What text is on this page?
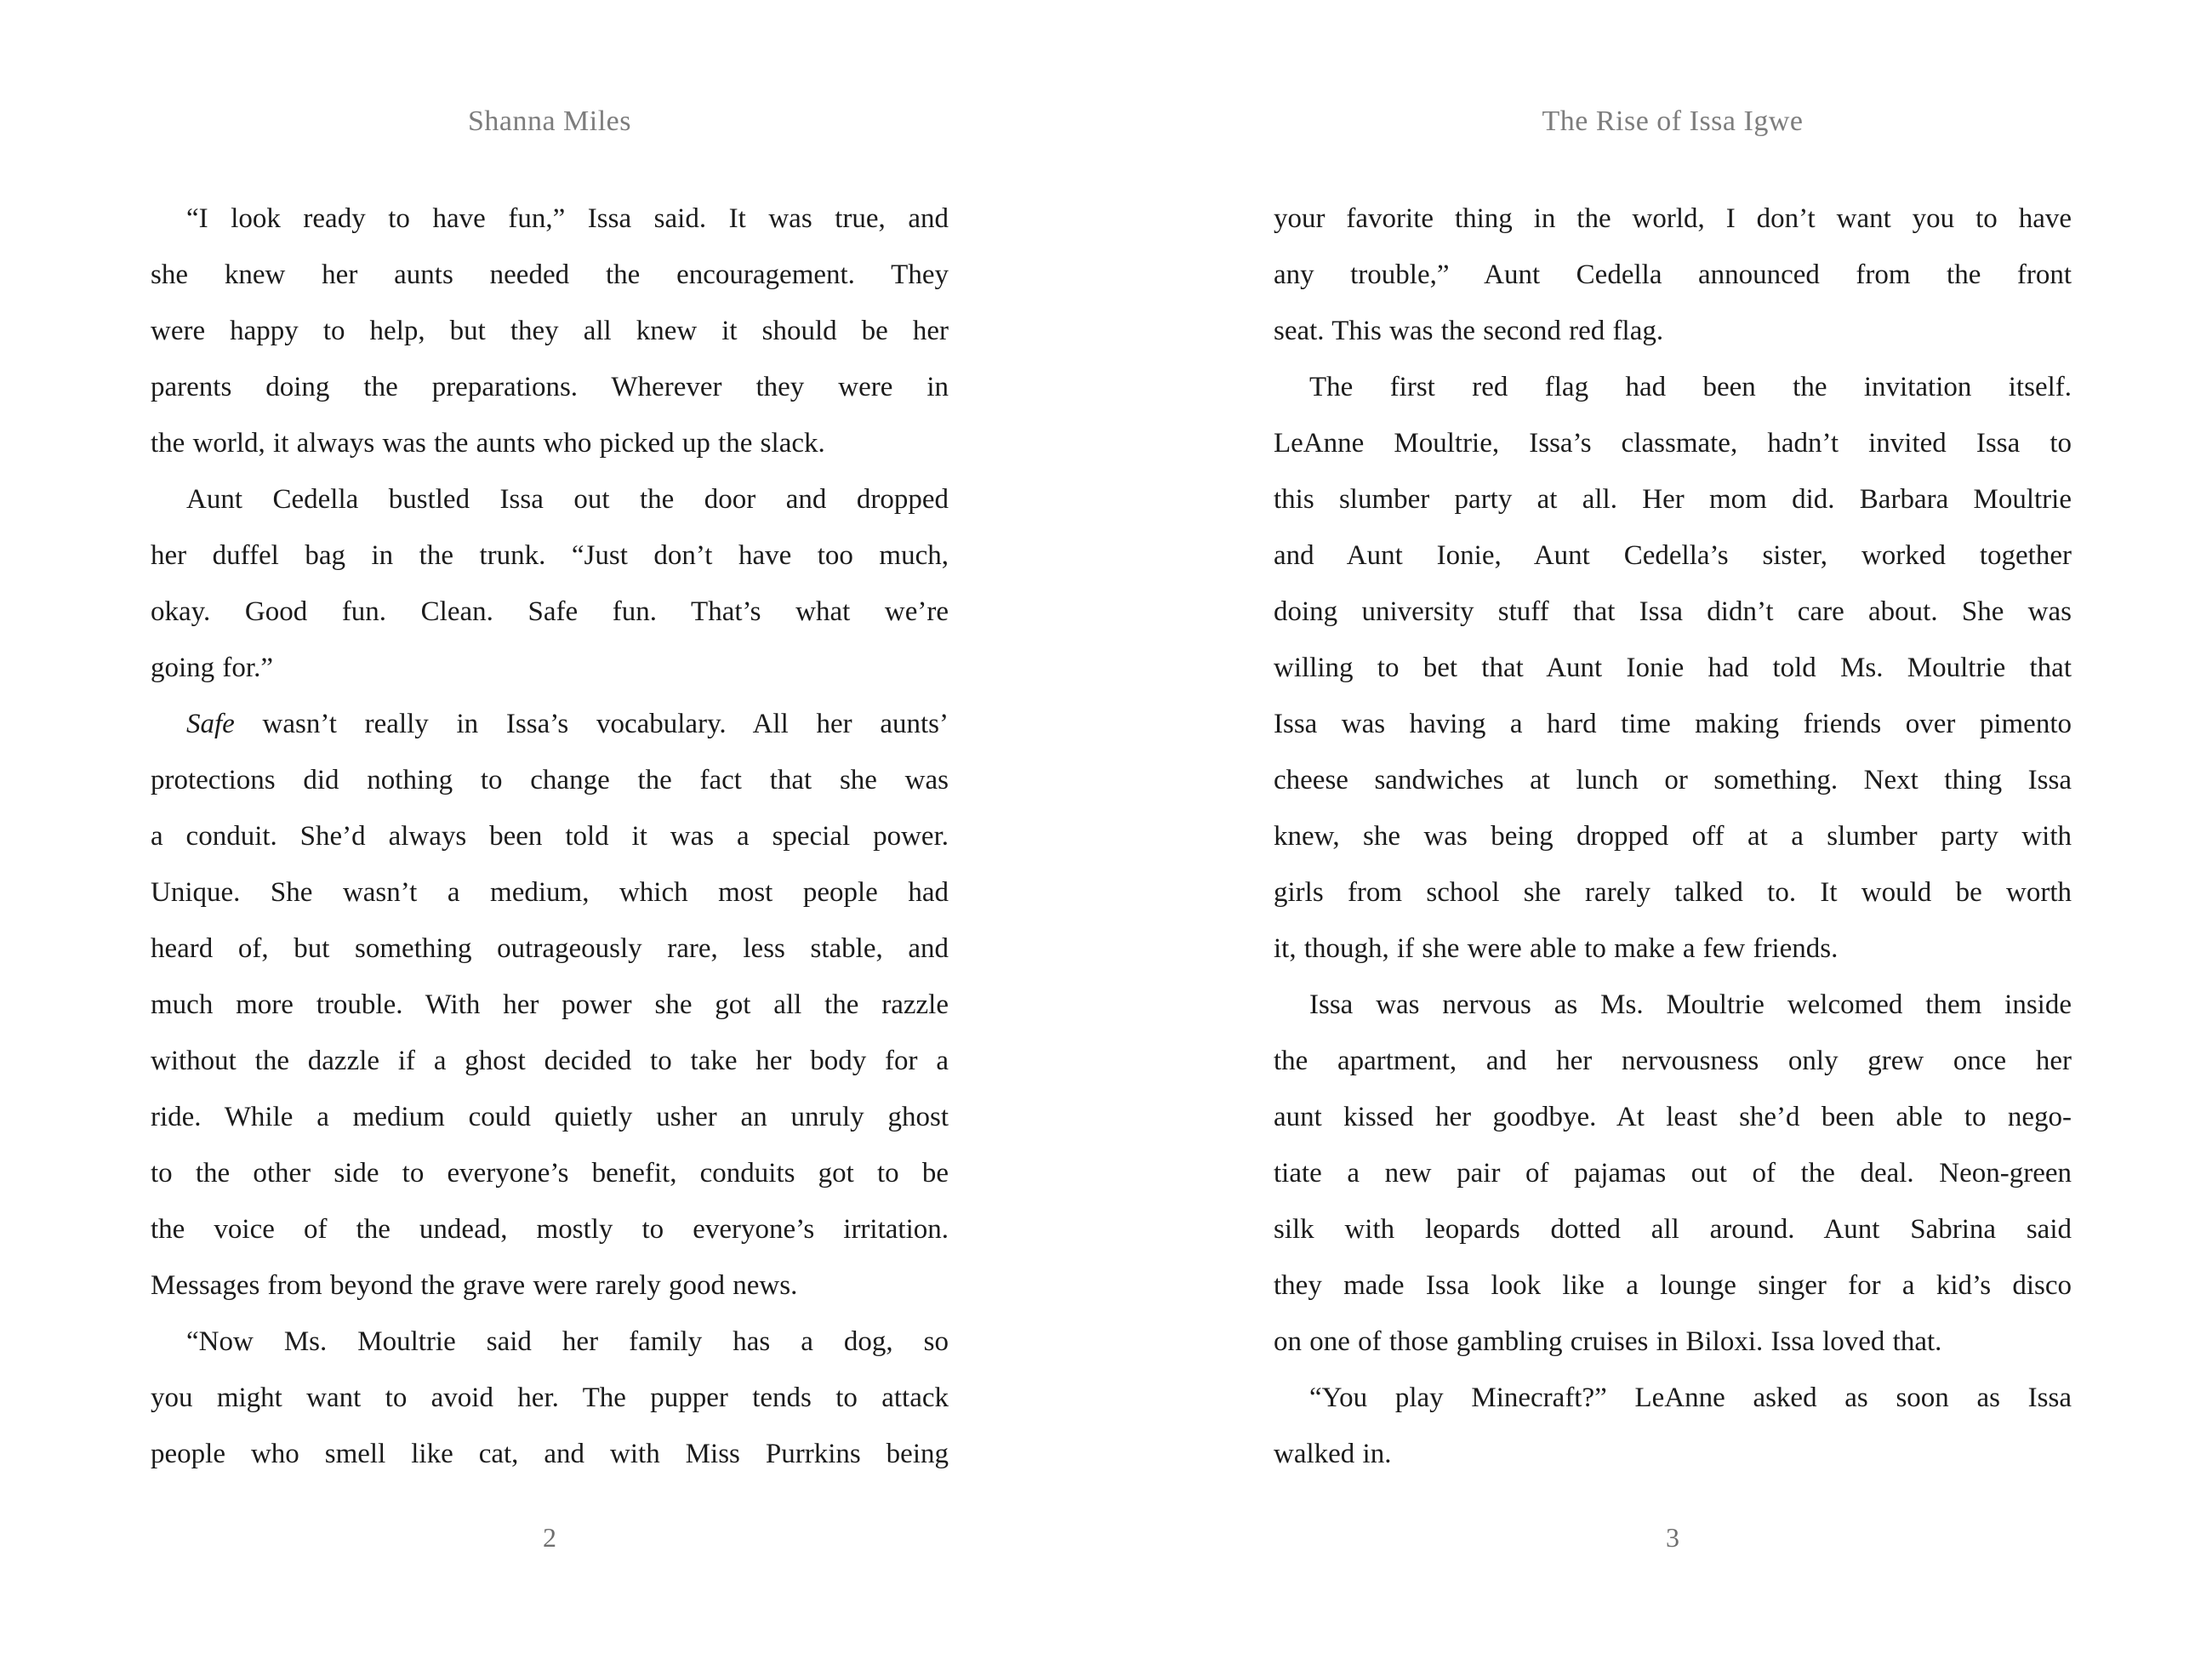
Shanna Miles
“I look ready to have fun,” Issa said. It was true, and
she knew her aunts needed the encouragement. They
were happy to help, but they all knew it should be her
parents doing the preparations. Wherever they were in
the world, it always was the aunts who picked up the slack.
Aunt Cedella bustled Issa out the door and dropped
her duffel bag in the trunk. “Just don’t have too much,
okay. Good fun. Clean. Safe fun. That’s what we’re
going for.”
Safe wasn’t really in Issa’s vocabulary. All her aunts’
protections did nothing to change the fact that she was
a conduit. She’d always been told it was a special power.
Unique. She wasn’t a medium, which most people had
heard of, but something outrageously rare, less stable, and
much more trouble. With her power she got all the razzle
without the dazzle if a ghost decided to take her body for a
ride. While a medium could quietly usher an unruly ghost
to the other side to everyone’s benefit, conduits got to be
the voice of the undead, mostly to everyone’s irritation.
Messages from beyond the grave were rarely good news.
“Now Ms. Moultrie said her family has a dog, so
you might want to avoid her. The pupper tends to attack
people who smell like cat, and with Miss Purrkins being
2
The Rise of Issa Igwe
your favorite thing in the world, I don’t want you to have
any trouble,” Aunt Cedella announced from the front
seat. This was the second red flag.
The first red flag had been the invitation itself.
LeAnne Moultrie, Issa’s classmate, hadn’t invited Issa to
this slumber party at all. Her mom did. Barbara Moultrie
and Aunt Ionie, Aunt Cedella’s sister, worked together
doing university stuff that Issa didn’t care about. She was
willing to bet that Aunt Ionie had told Ms. Moultrie that
Issa was having a hard time making friends over pimento
cheese sandwiches at lunch or something. Next thing Issa
knew, she was being dropped off at a slumber party with
girls from school she rarely talked to. It would be worth
it, though, if she were able to make a few friends.
Issa was nervous as Ms. Moultrie welcomed them inside
the apartment, and her nervousness only grew once her
aunt kissed her goodbye. At least she’d been able to nego-
tiate a new pair of pajamas out of the deal. Neon-green
silk with leopards dotted all around. Aunt Sabrina said
they made Issa look like a lounge singer for a kid’s disco
on one of those gambling cruises in Biloxi. Issa loved that.
“You play Minecraft?” LeAnne asked as soon as Issa
walked in.
3
